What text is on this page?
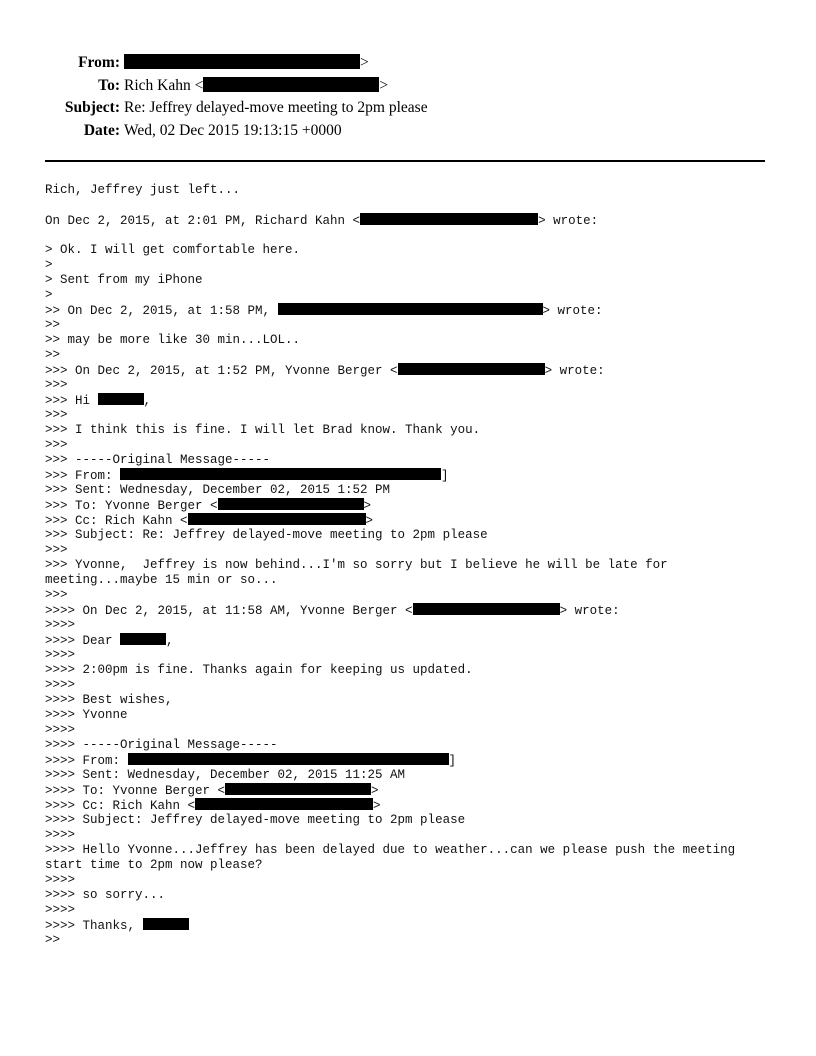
From:	>
To: Rich Kahn <	>
Subject: Re: Jeffrey delayed-move meeting to 2pm please
Date: Wed, 02 Dec 2015 19:13:15 +0000
Rich, Jeffrey just left...
On Dec 2, 2015, at 2:01 PM, Richard Kahn <	> wrote:
> Ok. I will get comfortable here.
>
> Sent from my iPhone
>
>> On Dec 2, 2015, at 1:58 PM,	> wrote:
>>
>> may be more like 30 min...LOL..
>>
>>> On Dec 2, 2015, at 1:52 PM, Yvonne Berger <	> wrote:
>>>
>>> Hi	,
>>>
>>> I think this is fine. I will let Brad know. Thank you.
>>>
>>> -----Original Message-----
>>> From:	]
>>> Sent: Wednesday, December 02, 2015 1:52 PM
>>> To: Yvonne Berger <	>
>>> Cc: Rich Kahn <	>
>>> Subject: Re: Jeffrey delayed-move meeting to 2pm please
>>>
>>> Yvonne,  Jeffrey is now behind...I'm so sorry but I believe he will be late for
meeting...maybe 15 min or so...
>>>
>>>> On Dec 2, 2015, at 11:58 AM, Yvonne Berger <	> wrote:
>>>>
>>>> Dear	,
>>>>
>>>> 2:00pm is fine. Thanks again for keeping us updated.
>>>>
>>>> Best wishes,
>>>> Yvonne
>>>>
>>>> -----Original Message-----
>>>> From:	]
>>>> Sent: Wednesday, December 02, 2015 11:25 AM
>>>> To: Yvonne Berger <	>
>>>> Cc: Rich Kahn <	>
>>>> Subject: Jeffrey delayed-move meeting to 2pm please
>>>>
>>>> Hello Yvonne...Jeffrey has been delayed due to weather...can we please push the meeting
start time to 2pm now please?
>>>>
>>>> so sorry...
>>>>
>>>> Thanks,
>>
